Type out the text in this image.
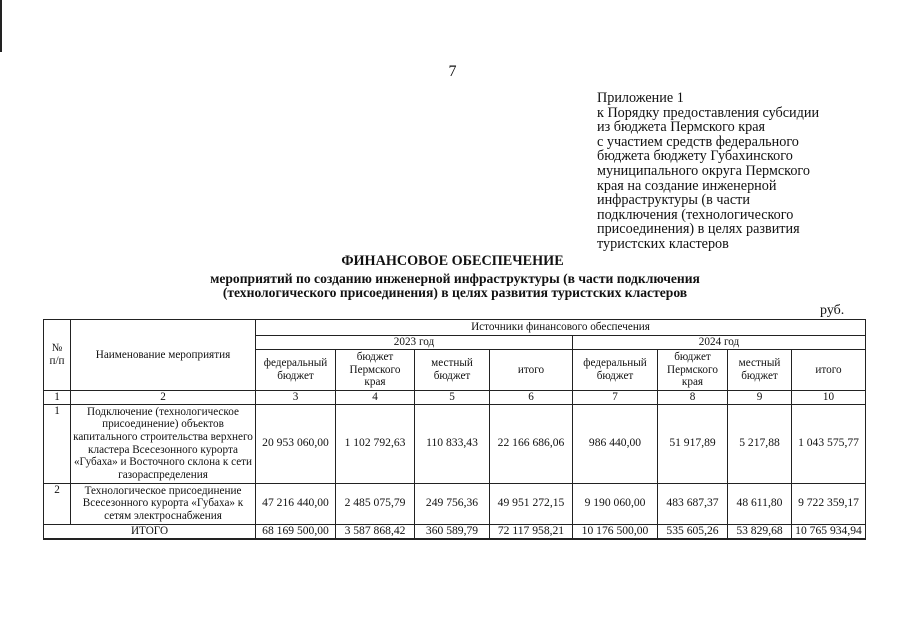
7
Приложение 1
к Порядку предоставления субсидии
из бюджета Пермского края
с участием средств федерального
бюджета бюджету Губахинского
муниципального округа Пермского
края на создание инженерной
инфраструктуры (в части
подключения (технологического
присоединения) в целях развития
туристских кластеров
ФИНАНСОВОЕ ОБЕСПЕЧЕНИЕ
мероприятий по созданию инженерной инфраструктуры (в части подключения
(технологического присоединения) в целях развития туристских кластеров
руб.
№ п/п	Наименование мероприятия	Источники финансового обеспечения							
		2023 год				2024 год			
		федеральный бюджет	бюджет Пермского края	местный бюджет	итого	федеральный бюджет	бюджет Пермского края	местный бюджет	итого
1	2	3	4	5	6	7	8	9	10
1	Подключение (технологическое присоединение) объектов капитального строительства верхнего кластера Всесезонного курорта «Губаха» и Восточного склона к сети газораспределения	20 953 060,00	1 102 792,63	110 833,43	22 166 686,06	986 440,00	51 917,89	5 217,88	1 043 575,77
2	Технологическое присоединение Всесезонного курорта «Губаха» к сетям электроснабжения	47 216 440,00	2 485 075,79	249 756,36	49 951 272,15	9 190 060,00	483 687,37	48 611,80	9 722 359,17
ИТОГО		68 169 500,00	3 587 868,42	360 589,79	72 117 958,21	10 176 500,00	535 605,26	53 829,68	10 765 934,94
